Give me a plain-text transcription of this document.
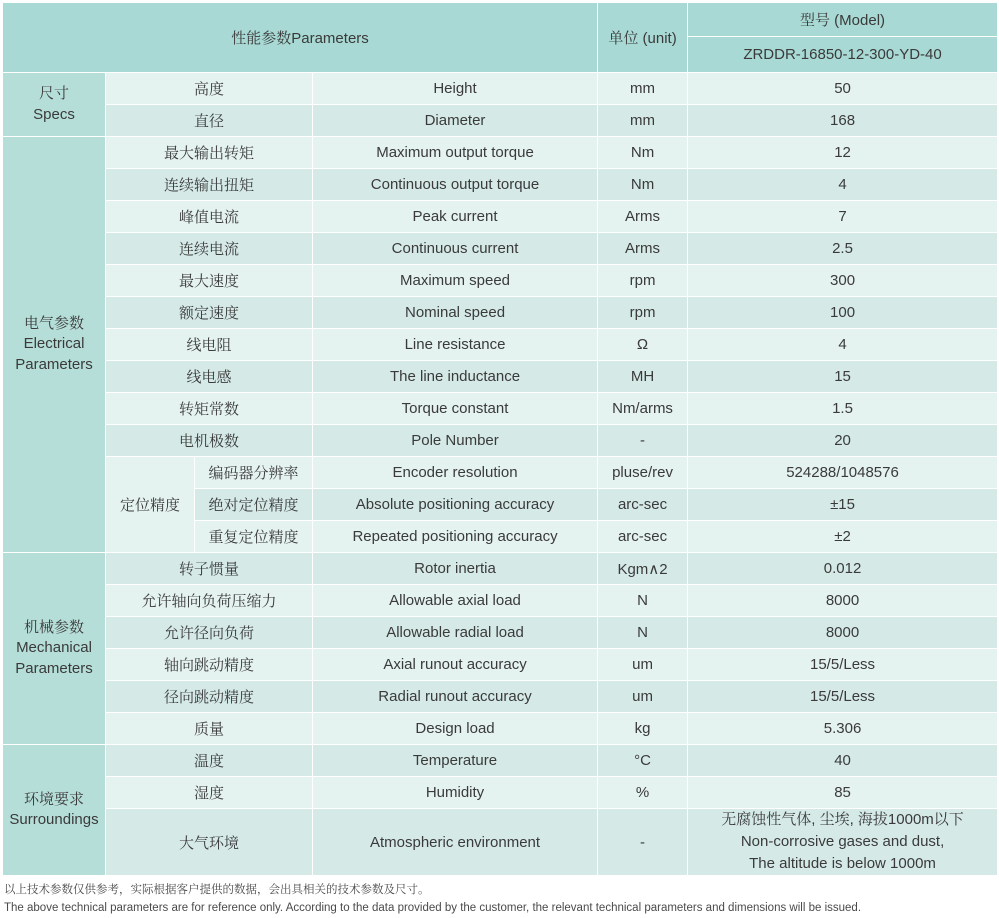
性能参数Parameters				单位 (unit)	型号 (Model)
					ZRDDR-16850-12-300-YD-40

尺寸
Specs	高度		Height	mm	50
	直径		Diameter	mm	168

电气参数
Electrical
Parameters	最大输出转矩		Maximum output torque	Nm	12
	连续输出扭矩		Continuous output torque	Nm	4
	峰值电流		Peak current	Arms	7
	连续电流		Continuous current	Arms	2.5
	最大速度		Maximum speed	rpm	300
	额定速度		Nominal speed	rpm	100
	线电阻		Line resistance	Ω	4
	线电感		The line inductance	MH	15
	转矩常数		Torque constant	Nm/arms	1.5
	电机极数		Pole Number	-	20
	定位精度	编码器分辨率	Encoder resolution	pluse/rev	524288/1048576
		绝对定位精度	Absolute positioning accuracy	arc-sec	±15
		重复定位精度	Repeated positioning accuracy	arc-sec	±2

机械参数
Mechanical
Parameters	转子惯量		Rotor inertia	Kgm∧2	0.012
	允许轴向负荷压缩力		Allowable axial load	N	8000
	允许径向负荷		Allowable radial load	N	8000
	轴向跳动精度		Axial runout accuracy	um	15/5/Less
	径向跳动精度		Radial runout accuracy	um	15/5/Less
	质量		Design load	kg	5.306

环境要求
Surroundings	温度		Temperature	°C	40
	湿度		Humidity	%	85
	大气环境		Atmospheric environment	-	无腐蚀性气体, 尘埃, 海拔1000m以下
Non-corrosive gases and dust,
The altitude is below 1000m
以上技术参数仅供参考，实际根据客户提供的数据，会出具相关的技术参数及尺寸。
The above technical parameters are for reference only. According to the data provided by the customer, the relevant technical parameters and dimensions will be issued.
